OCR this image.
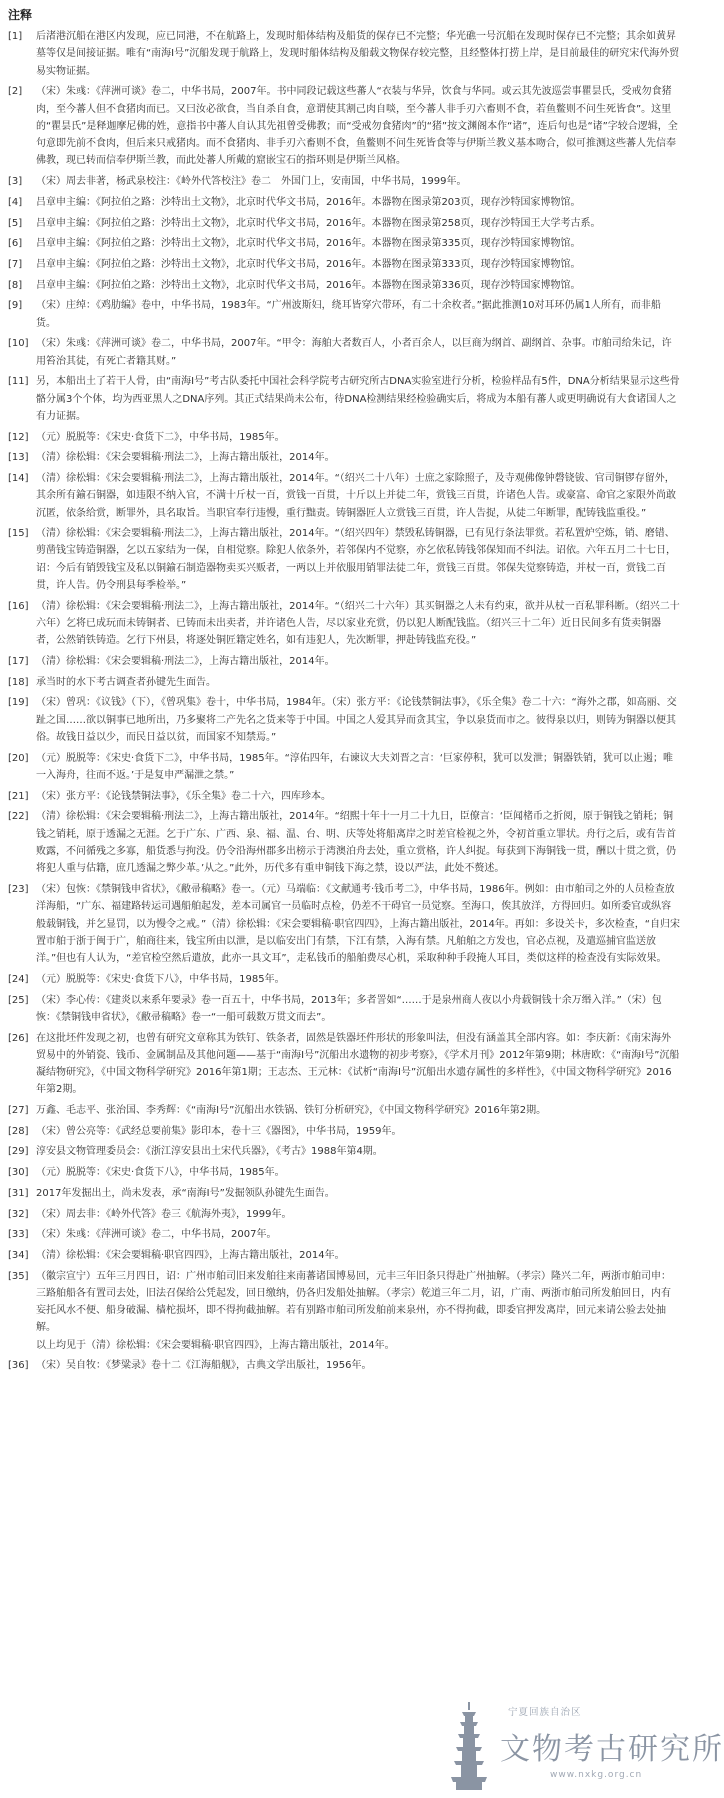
注释
[1] 后渚港沉船在港区内发现，应已同港，不在航路上，发现时船体结构及船货的保存已不完整；华光礁一号沉船在发现时保存已不完整；其余如黄昇墓等仅是间接证据。唯有“南海Ⅰ号”沉船发现于航路上，发现时船体结构及船载文物保存较完整，且经整体打捞上岸，是目前最佳的研究宋代海外贸易实物证据。
[2] （宋）朱彧：《萍洲可谈》卷二，中华书局，2007年。书中同段记载这些蕃人“衣装与华异，饮食与华同。或云其先波巡尝事瞿昙氏，受戒勿食猪肉，至今蕃人但不食猪肉而已。又曰汝必欲食，当自杀自食，意谓使其割己肉自啖，至今蕃人非手刃六畜则不食，若鱼鳖则不问生死皆食”。这里的“瞿昙氏”是释迦摩尼佛的姓，意指书中蕃人自认其先祖曾受佛教；而“受戒勿食猪肉”的“猪”按文渊阁本作“诸”，连后句也是“诸”字较合逻辑，全句意即先前不食肉，但后来只戒猪肉。而不食猪肉、非手刃六畜则不食，鱼鳖则不问生死皆食等与伊斯兰教义基本吻合，似可推测这些蕃人先信奉佛教，现已转而信奉伊斯兰教，而此处蕃人所戴的窟嵌宝石的指环则是伊斯兰风格。
[3] （宋）周去非著，杨武泉校注：《岭外代答校注》卷二　外国门上，安南国，中华书局，1999年。
[4] 吕章申主编：《阿拉伯之路：沙特出土文物》，北京时代华文书局，2016年。本器物在图录第203页，现存沙特国家博物馆。
[5] 吕章申主编：《阿拉伯之路：沙特出土文物》，北京时代华文书局，2016年。本器物在图录第258页，现存沙特国王大学考古系。
[6] 吕章申主编：《阿拉伯之路：沙特出土文物》，北京时代华文书局，2016年。本器物在图录第335页，现存沙特国家博物馆。
[7] 吕章申主编：《阿拉伯之路：沙特出土文物》，北京时代华文书局，2016年。本器物在图录第333页，现存沙特国家博物馆。
[8] 吕章申主编：《阿拉伯之路：沙特出土文物》，北京时代华文书局，2016年。本器物在图录第336页，现存沙特国家博物馆。
[9] （宋）庄绰：《鸡肋编》卷中，中华书局，1983年。“广州波斯妇，绕耳皆穿穴带环，有二十余枚者。”据此推测10对耳环仍属1人所有，而非船货。
[10] （宋）朱彧：《萍洲可谈》卷二，中华书局，2007年。“甲令：海舶大者数百人，小者百余人，以巨商为纲首、副纲首、杂事。市舶司给朱记，许用笞治其徒，有死亡者籍其财。”
[11] 另，本船出土了若干人骨，由“南海Ⅰ号”考古队委托中国社会科学院考古研究所古DNA实验室进行分析，检验样品有5件，DNA分析结果显示这些骨骼分属3个个体，均为西亚黑人之DNA序列。其正式结果尚未公布，待DNA检测结果经检验确实后，将成为本船有蕃人或更明确说有大食诸国人之有力证据。
[12] （元）脱脱等：《宋史·食货下二》，中华书局，1985年。
[13] （清）徐松辑：《宋会要辑稿·刑法二》，上海古籍出版社，2014年。
[14] （清）徐松辑：《宋会要辑稿·刑法二》，上海古籍出版社，2014年。“（绍兴二十八年）士庶之家除照子，及寺观佛像钟磬铙钹、官司铜锣存留外，其余所有鍮石铜器，如违限不纳入官，不满十斤杖一百，赏钱一百贯，十斤以上并徒二年，赏钱三百贯，许诸色人告。或豪富、命官之家限外尚敢沉匿，依条给赏，断罪外，具名取旨。当职官奉行违慢，重行黜责。铸铜器匠人立赏钱三百贯，许人告捉，从徒二年断罪，配铸钱监重役。”
[15] （清）徐松辑：《宋会要辑稿·刑法二》，上海古籍出版社，2014年。“（绍兴四年）禁毁私铸铜器，已有见行条法罪赏。若私置炉空炼，销、磨错、剪凿钱宝铸造铜器，乞以五家结为一保，自相觉察。除犯人依条外，若邻保内不觉察，亦乞依私铸钱邻保知而不纠法。诏依。六年五月二十七日，诏：今后有销毁钱宝及私以铜鍮石制造器物卖买兴贩者，一两以上并依服用销罪法徒二年，赏钱三百贯。邻保失觉察铸造，并杖一百，赏钱二百贯，许人告。仍令刑县每季检举。”
[16] （清）徐松辑：《宋会要辑稿·刑法二》，上海古籍出版社，2014年。“（绍兴二十六年）其买铜器之人未有约束，欲并从杖一百私罪科断。（绍兴二十六年）乞将已成玩而未铸铜者、已铸而未出卖者，并许诸色人告，尽以家业充赏，仍以犯人断配钱监。（绍兴三十二年）近日民间多有货卖铜器者，公然销铁铸造。乞行下州县，将逐处铜匠籍定姓名，如有违犯人，先次断罪，押赴铸钱监充役。”
[17] （清）徐松辑：《宋会要辑稿·刑法二》，上海古籍出版社，2014年。
[18] 承当时的水下考古调查者孙键先生面告。
[19] （宋）曾巩：《议钱》（下），《曾巩集》卷十，中华书局，1984年。（宋）张方平：《论钱禁铜法事》，《乐全集》卷二十六：“海外之郡，如高丽、交趾之国……欲以铜事已地所出，乃多聚将二产先名之货来等于中国。中国之人爱其异而贪其宝，争以泉货而市之。彼得泉以归，则铸为铜器以便其俗。故钱日益以少，而民日益以贫，而国家不知禁焉。”
[20] （元）脱脱等：《宋史·食货下二》，中华书局，1985年。“淳佑四年，右谏议大夫刘晋之言：‘巨家停积，犹可以发泄；铜器铁销，犹可以止遏；唯一入海舟，往而不返。’于是复申严漏泄之禁。”
[21] （宋）张方平：《论钱禁铜法事》，《乐全集》卷二十六，四库珍本。
[22] （清）徐松辑：《宋会要辑稿·刑法二》，上海古籍出版社，2014年。“绍熙十年十一月二十九日，臣僚言：‘臣闻楮币之折阅，原于铜钱之销耗；铜钱之销耗，原于透漏之无涯。乞于广东、广西、泉、福、温、台、明、庆等处将船离岸之时差官检视之外，令初首重立罪状。舟行之后，或有告首败露，不问循残之多寡，船货悉与拘没。仍令沿海州郡多出榜示于湾澳泊舟去处，重立赏格，许人纠捉。每获到下海铜钱一贯，酬以十贯之赏，仍将犯人重与估籍，庶几透漏之弊少革。’从之。”此外，历代多有重申铜钱下海之禁，设以严法，此处不赘述。
[23] （宋）包恢：《禁铜钱申省状》，《敝帚稿略》卷一。（元）马端临：《文献通考·钱币考二》，中华书局，1986年。例如：由市舶司之外的人员检查放洋海船，“广东、福建路转运司遇船舶起发，差本司属官一员临时点检，仍差不干碍官一员觉察。至海口，俟其放洋，方得回归。如所委官或纵容般载铜钱，并乞显罚，以为慢令之戒。”（清）徐松辑：《宋会要辑稿·职官四四》，上海古籍出版社，2014年。再如：多设关卡，多次检查，“自归宋置市舶于浙于闽于广，舶商往来，钱宝所由以泄，是以临安出门有禁，下江有禁，入海有禁。凡舶舶之方发也，官必点视，及遣巡捕官监送放洋。”但也有人认为，“差官检空然后遣放，此亦一具文耳”，走私钱币的船舶费尽心机，采取种种手段掩人耳目，类似这样的检查没有实际效果。
[24] （元）脱脱等：《宋史·食货下八》，中华书局，1985年。
[25] （宋）李心传：《建炎以来系年要录》卷一百五十，中华书局，2013年；多者詈如“……于是泉州商人夜以小舟载铜钱十余万缗入洋。”（宋）包恢：《禁铜钱申省状》，《敝帚稿略》卷一“一船可载数万贯文而去”。
[26] 在这批坯件发现之初，也曾有研究文章称其为铁钉、铁条者，固然是铁器坯件形状的形象叫法，但没有涵盖其全部内容。如：李庆新：《南宋海外贸易中的外销瓷、钱币、金属制品及其他问题——基于“南海Ⅰ号”沉船出水遗物的初步考察》，《学术月刊》2012年第9期；林唐欧：《“南海Ⅰ号”沉船凝结物研究》，《中国文物科学研究》2016年第1期；王志杰、王元林：《试析“南海Ⅰ号”沉船出水遗存属性的多样性》，《中国文物科学研究》2016年第2期。
[27] 万鑫、毛志平、张治国、李秀辉：《“南海Ⅰ号”沉船出水铁锅、铁钉分析研究》，《中国文物科学研究》2016年第2期。
[28] （宋）曾公亮等：《武经总要前集》影印本，卷十三《器图》，中华书局，1959年。
[29] 淳安县文物管理委员会：《浙江淳安县出土宋代兵器》，《考古》1988年第4期。
[30] （元）脱脱等：《宋史·食货下八》，中华书局，1985年。
[31] 2017年发掘出土，尚未发表，承“南海Ⅰ号”发掘领队孙键先生面告。
[32] （宋）周去非：《岭外代答》卷三《航海外夷》，1999年。
[33] （宋）朱彧：《萍洲可谈》卷二，中华书局，2007年。
[34] （清）徐松辑：《宋会要辑稿·职官四四》，上海古籍出版社，2014年。
[35] （徽宗宣宁）五年三月四日，诏：广州市舶司旧来发舶往来南蕃诸国博易回，元丰三年旧条只得赴广州抽解。（孝宗）隆兴二年，两浙市舶司申：三路舶船各有置司去处，旧法召保给公凭起发，回日缴纳，仍各归发船处抽解。（孝宗）乾道三年二月，诏，广南、两浙市舶司所发舶回日，内有妄托风水不便、船身破漏、樯柁损坏，即不得拘截抽解。若有别路市舶司所发舶前来泉州，亦不得拘截，即委官押发离岸，回元来请公验去处抽解。
以上均见于（清）徐松辑：《宋会要辑稿·职官四四》，上海古籍出版社，2014年。
[36] （宋）吴自牧：《梦粱录》卷十二《江海船舰》，古典文学出版社，1956年。
宁夏回族自治区
文物考古研究所
www.nxkg.org.cn
